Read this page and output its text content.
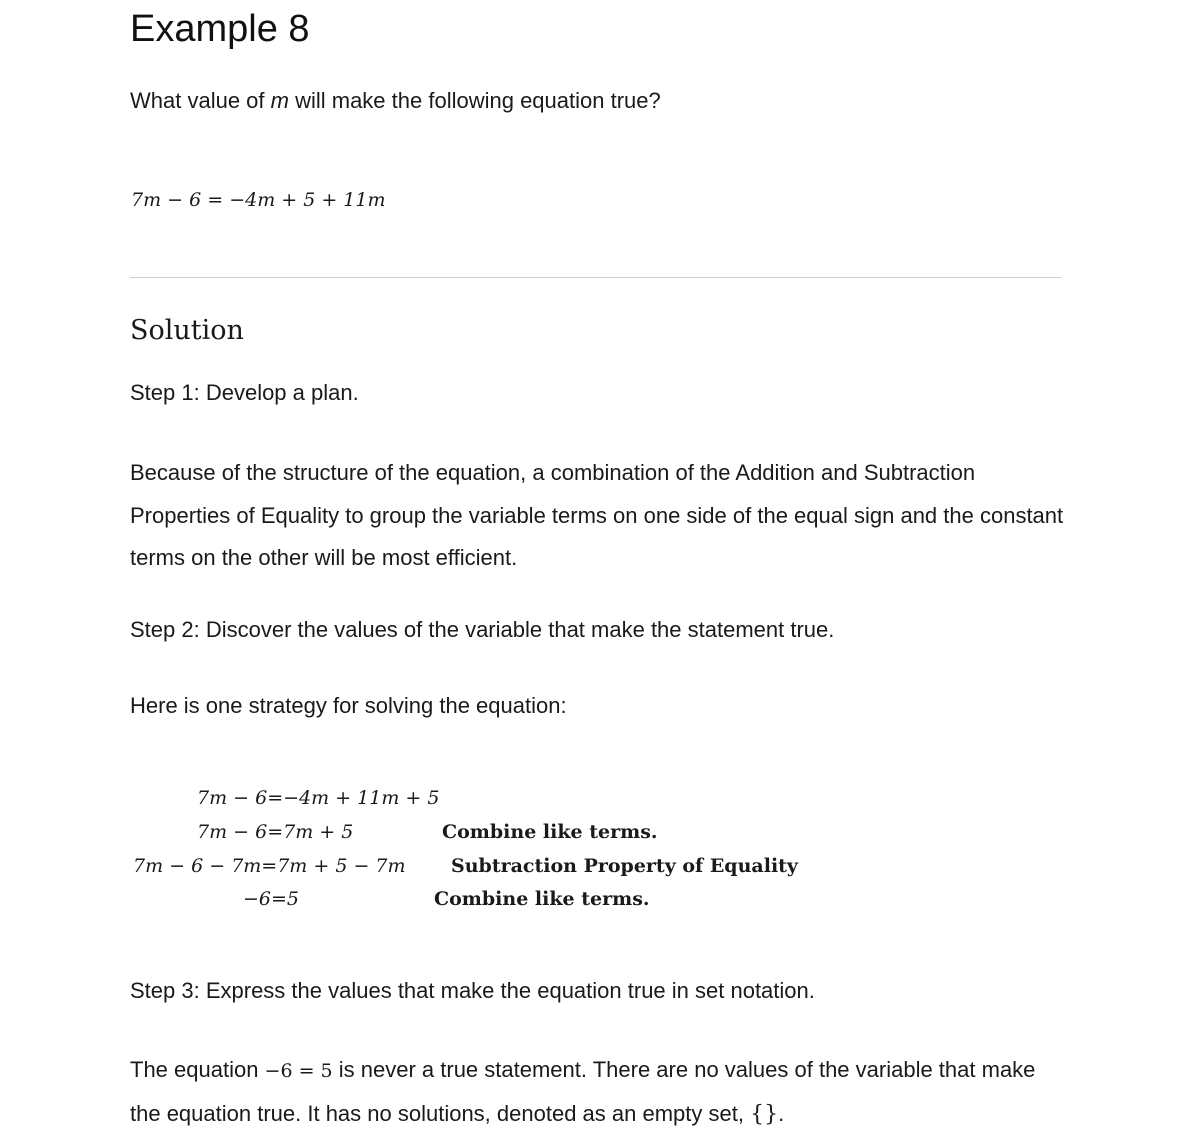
Example 8
What value of m will make the following equation true?
7m − 6 = −4m + 5 + 11m
Solution
Step 1: Develop a plan.
Because of the structure of the equation, a combination of the Addition and Subtraction Properties of Equality to group the variable terms on one side of the equal sign and the constant terms on the other will be most efficient.
Step 2: Discover the values of the variable that make the statement true.
Here is one strategy for solving the equation:
7m − 6=−4m + 11m + 5
7m − 6=7m + 5	Combine like terms.
7m − 6 − 7m=7m + 5 − 7m Subtraction Property of Equality
−6=5	Combine like terms.
Step 3: Express the values that make the equation true in set notation.
The equation −6 = 5 is never a true statement. There are no values of the variable that make the equation true. It has no solutions, denoted as an empty set, {}.
